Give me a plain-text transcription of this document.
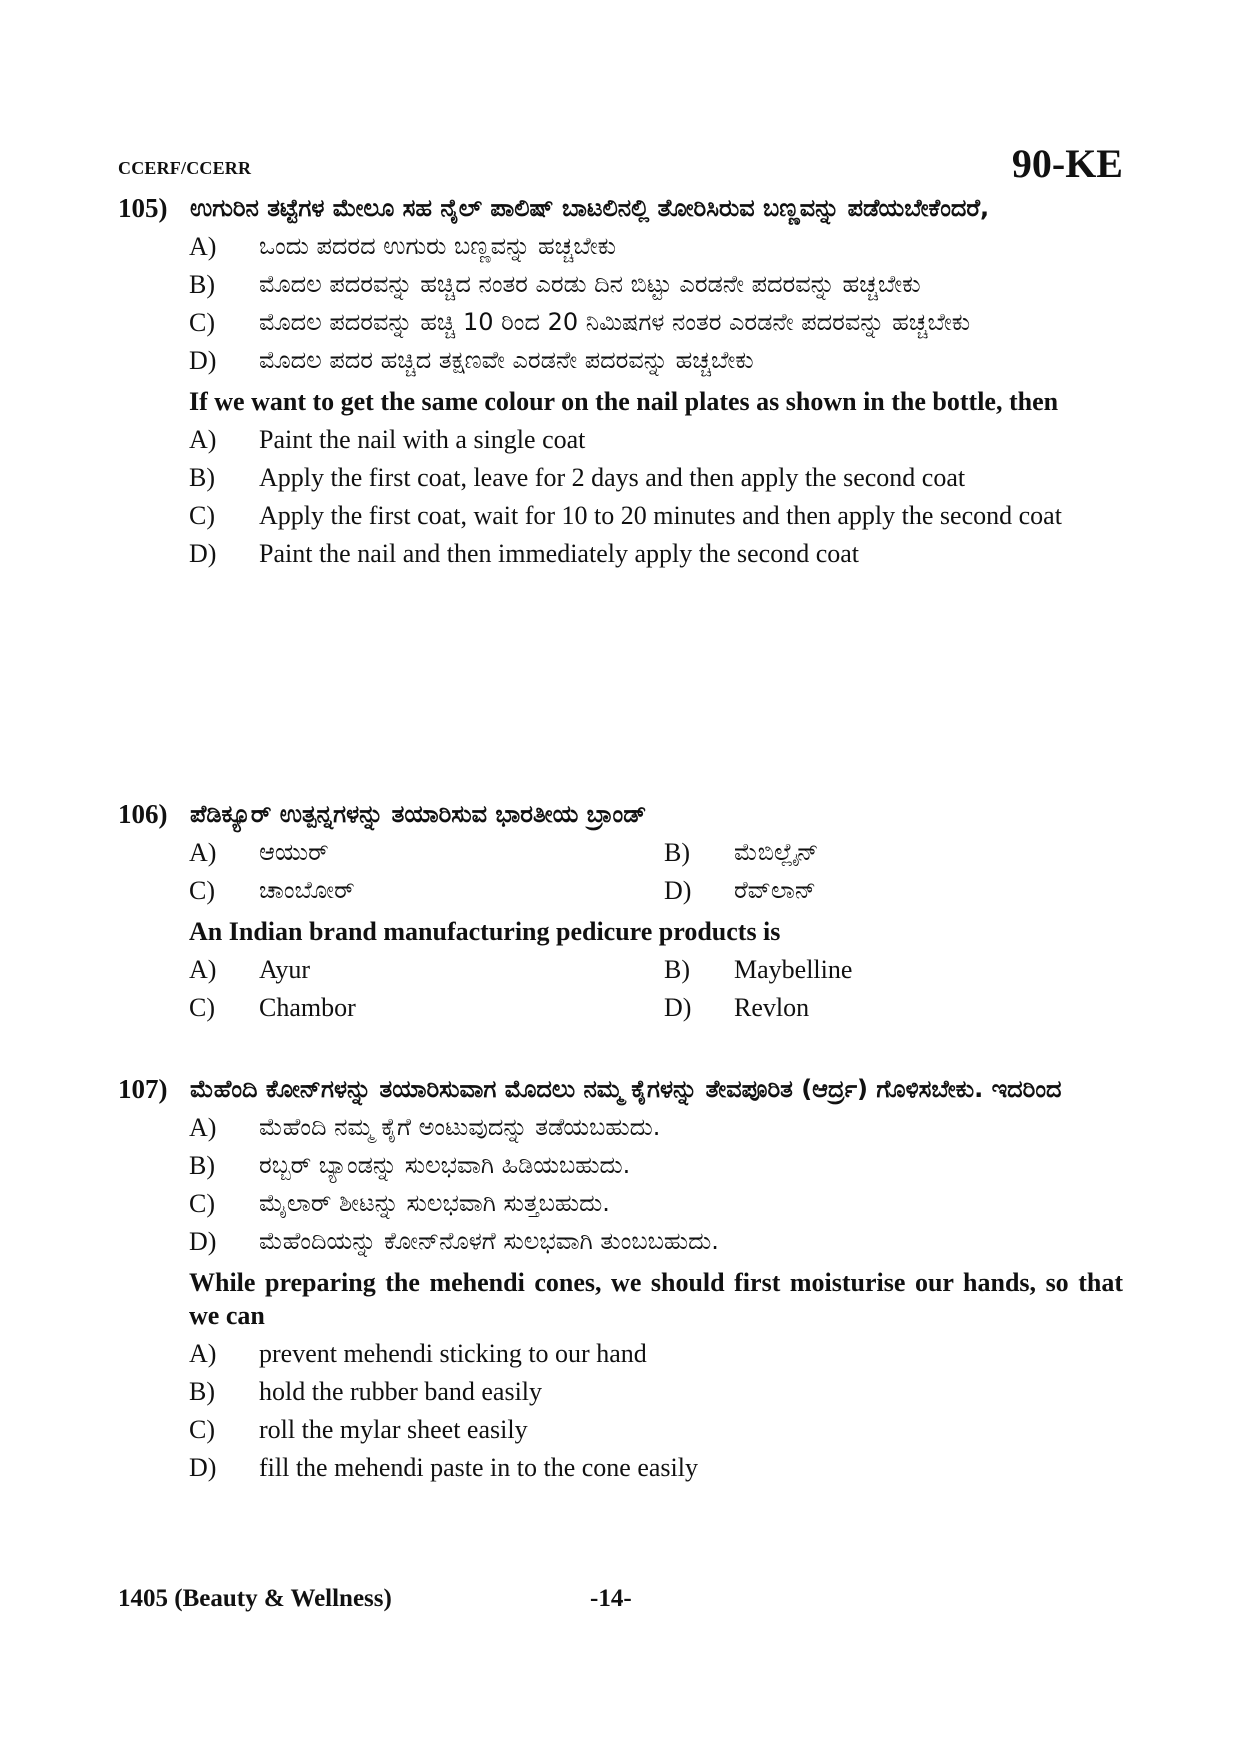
CCERF/CCERR	90-KE
105) ಉಗುರಿನ ತಟ್ಟೆಗಳ ಮೇಲೂ ಸಹ ನೈಲ್ ಪಾಲಿಷ್ ಬಾಟಲಿನಲ್ಲಿ ತೋರಿಸಿರುವ ಬಣ್ಣವನ್ನು ಪಡೆಯಬೇಕೆಂದರೆ,
A)	ಒಂದು ಪದರದ ಉಗುರು ಬಣ್ಣವನ್ನು ಹಚ್ಚಬೇಕು
B)	ಮೊದಲ ಪದರವನ್ನು ಹಚ್ಚಿದ ನಂತರ ಎರಡು ದಿನ ಬಿಟ್ಟು ಎರಡನೇ ಪದರವನ್ನು ಹಚ್ಚಬೇಕು
C)	ಮೊದಲ ಪದರವನ್ನು ಹಚ್ಚಿ 10 ರಿಂದ 20 ನಿಮಿಷಗಳ ನಂತರ ಎರಡನೇ ಪದರವನ್ನು ಹಚ್ಚಬೇಕು
D)	ಮೊದಲ ಪದರ ಹಚ್ಚಿದ ತಕ್ಷಣವೇ ಎರಡನೇ ಪದರವನ್ನು ಹಚ್ಚಬೇಕು
If we want to get the same colour on the nail plates as shown in the bottle, then
A)	Paint the nail with a single coat
B)	Apply the first coat, leave for 2 days and then apply the second coat
C)	Apply the first coat, wait for 10 to 20 minutes and then apply the second coat
D)	Paint the nail and then immediately apply the second coat
106) ಪೆಡಿಕ್ಯೂರ್ ಉತ್ಪನ್ನಗಳನ್ನು ತಯಾರಿಸುವ ಭಾರತೀಯ ಬ್ರಾಂಡ್
A)	ಆಯುರ್	B)	ಮೆಬಿಲ್ಲೈನ್
C)	ಚಾಂಬೋರ್	D)	ರೆವ್‌ಲಾನ್
An Indian brand manufacturing pedicure products is
A)	Ayur	B)	Maybelline
C)	Chambor	D)	Revlon
107) ಮೆಹೆಂದಿ ಕೋನ್‌ಗಳನ್ನು ತಯಾರಿಸುವಾಗ ಮೊದಲು ನಮ್ಮ ಕೈಗಳನ್ನು ತೇವಪೂರಿತ (ಆರ್ದ್ರ) ಗೊಳಿಸಬೇಕು. ಇದರಿಂದ
A)	ಮೆಹೆಂದಿ ನಮ್ಮ ಕೈಗೆ ಅಂಟುವುದನ್ನು ತಡೆಯಬಹುದು.
B)	ರಬ್ಬರ್ ಬ್ಯಾಂಡನ್ನು ಸುಲಭವಾಗಿ ಹಿಡಿಯಬಹುದು.
C)	ಮೈಲಾರ್ ಶೀಟನ್ನು ಸುಲಭವಾಗಿ ಸುತ್ತಬಹುದು.
D)	ಮೆಹೆಂದಿಯನ್ನು ಕೋನ್‌ನೊಳಗೆ ಸುಲಭವಾಗಿ ತುಂಬಬಹುದು.
While preparing the mehendi cones, we should first moisturise our hands, so that we can
A)	prevent mehendi sticking to our hand
B)	hold the rubber band easily
C)	roll the mylar sheet easily
D)	fill the mehendi paste in to the cone easily
1405 (Beauty & Wellness)	-14-
